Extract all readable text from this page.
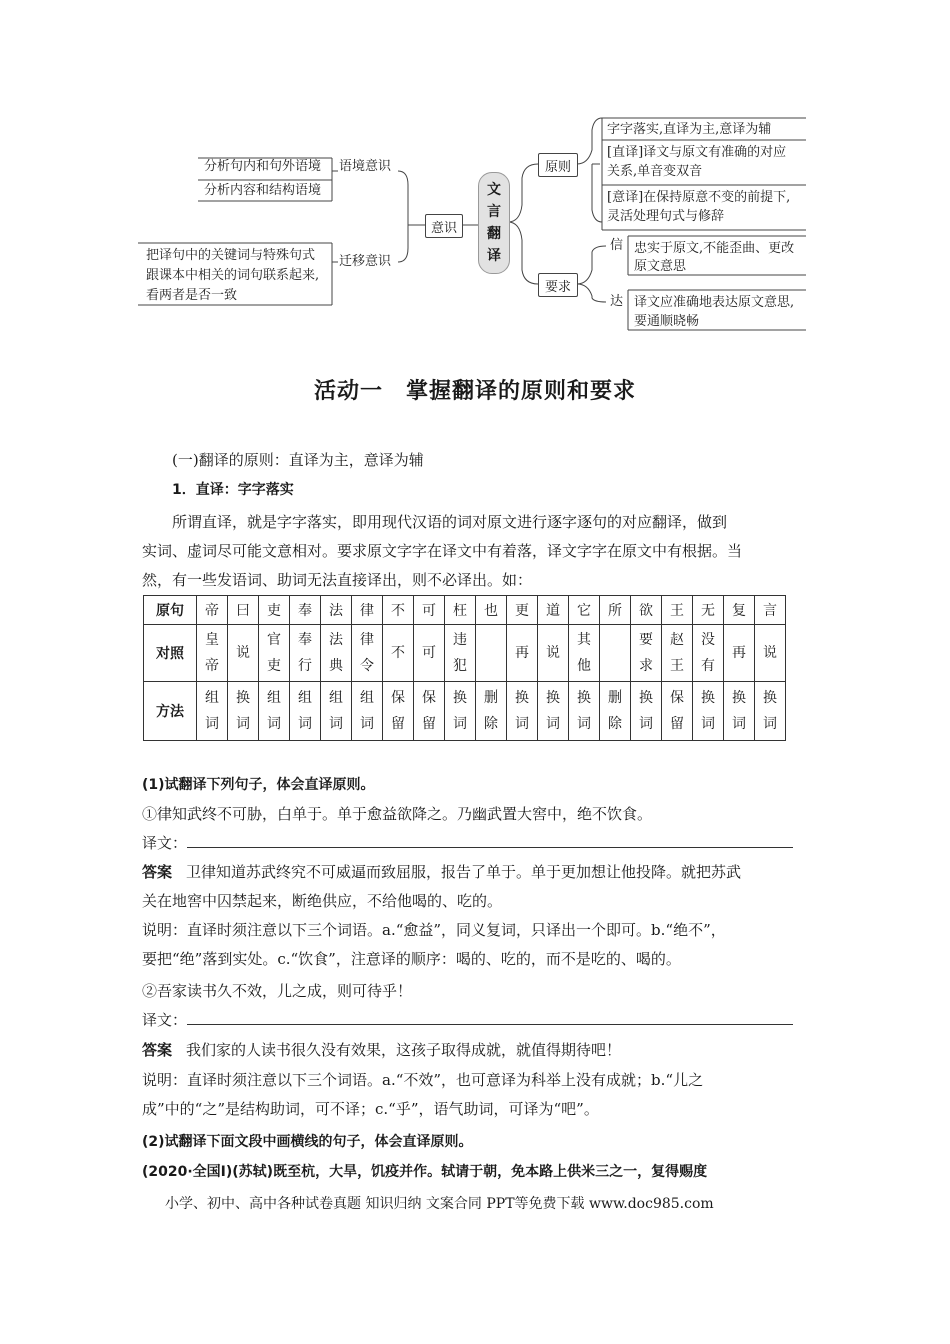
分析句内和句外语境
分析内容和结构语境
语境意识
把译句中的关键词与特殊句式
跟课本中相关的词句联系起来,
看两者是否一致
迁移意识
意识
文
言
翻
译
原则
要求
字字落实,直译为主,意译为辅
[直译]译文与原文有准确的对应
关系,单音变双音
[意译]在保持原意不变的前提下,
灵活处理句式与修辞
信 忠实于原文,不能歪曲、更改
原文意思
达 译文应准确地表达原文意思,
要通顺晓畅
活动一　掌握翻译的原则和要求
(一)翻译的原则：直译为主，意译为辅
1．直译：字字落实
所谓直译，就是字字落实，即用现代汉语的词对原文进行逐字逐句的对应翻译，做到
实词、虚词尽可能文意相对。要求原文字字在译文中有着落，译文字字在原文中有根据。当
然，有一些发语词、助词无法直接译出，则不必译出。如：
原句	帝	曰	吏	奉	法	律	不	可	枉	也	更	道	它	所	欲	王	无	复	言
对照	皇帝	说	官吏	奉行	法典	律令	不	可	违犯		再	说	其他		要求	赵王	没有	再	说
方法	组词	换词	组词	组词	组词	组词	保留	保留	换词	删除	换词	换词	换词	删除	换词	保留	换词	换词	换词
(1)试翻译下列句子，体会直译原则。
①律知武终不可胁，白单于。单于愈益欲降之。乃幽武置大窖中，绝不饮食。
译文：
答案 卫律知道苏武终究不可威逼而致屈服，报告了单于。单于更加想让他投降。就把苏武
关在地窖中囚禁起来，断绝供应，不给他喝的、吃的。
说明：直译时须注意以下三个词语。a.“愈益”，同义复词，只译出一个即可。b.“绝不”，
要把“绝”落到实处。c.“饮食”，注意译的顺序：喝的、吃的，而不是吃的、喝的。
②吾家读书久不效，儿之成，则可待乎！
译文：
答案 我们家的人读书很久没有效果，这孩子取得成就，就值得期待吧！
说明：直译时须注意以下三个词语。a.“不效”，也可意译为科举上没有成就；b.“儿之
成”中的“之”是结构助词，可不译；c.“乎”，语气助词，可译为“吧”。
(2)试翻译下面文段中画横线的句子，体会直译原则。
(2020·全国Ⅰ)(苏轼)既至杭，大旱，饥疫并作。轼请于朝，免本路上供米三之一，复得赐度
小学、初中、高中各种试卷真题 知识归纳 文案合同 PPT等免费下载 www.doc985.com
